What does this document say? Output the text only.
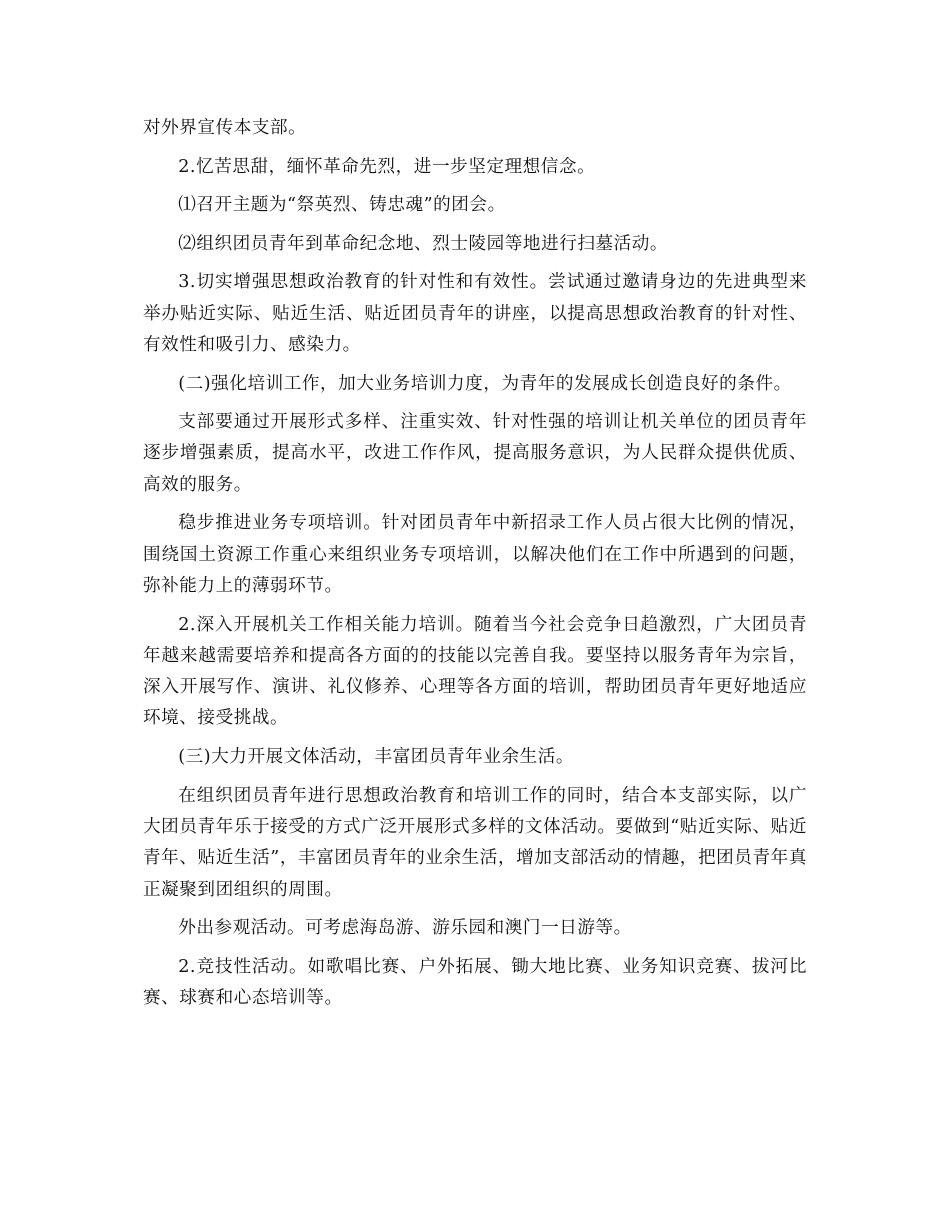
对外界宣传本支部。

2.忆苦思甜，缅怀革命先烈，进一步坚定理想信念。

⑴召开主题为“祭英烈、铸忠魂”的团会。

⑵组织团员青年到革命纪念地、烈士陵园等地进行扫墓活动。

3.切实增强思想政治教育的针对性和有效性。尝试通过邀请身边的先进典型来举办贴近实际、贴近生活、贴近团员青年的讲座，以提高思想政治教育的针对性、有效性和吸引力、感染力。

(二)强化培训工作，加大业务培训力度，为青年的发展成长创造良好的条件。

支部要通过开展形式多样、注重实效、针对性强的培训让机关单位的团员青年逐步增强素质，提高水平，改进工作作风，提高服务意识，为人民群众提供优质、高效的服务。

稳步推进业务专项培训。针对团员青年中新招录工作人员占很大比例的情况，围绕国土资源工作重心来组织业务专项培训，以解决他们在工作中所遇到的问题，弥补能力上的薄弱环节。

2.深入开展机关工作相关能力培训。随着当今社会竞争日趋激烈，广大团员青年越来越需要培养和提高各方面的的技能以完善自我。要坚持以服务青年为宗旨，深入开展写作、演讲、礼仪修养、心理等各方面的培训，帮助团员青年更好地适应环境、接受挑战。

(三)大力开展文体活动，丰富团员青年业余生活。

在组织团员青年进行思想政治教育和培训工作的同时，结合本支部实际，以广大团员青年乐于接受的方式广泛开展形式多样的文体活动。要做到“贴近实际、贴近青年、贴近生活”，丰富团员青年的业余生活，增加支部活动的情趣，把团员青年真正凝聚到团组织的周围。

外出参观活动。可考虑海岛游、游乐园和澳门一日游等。

2.竞技性活动。如歌唱比赛、户外拓展、锄大地比赛、业务知识竞赛、拔河比赛、球赛和心态培训等。
